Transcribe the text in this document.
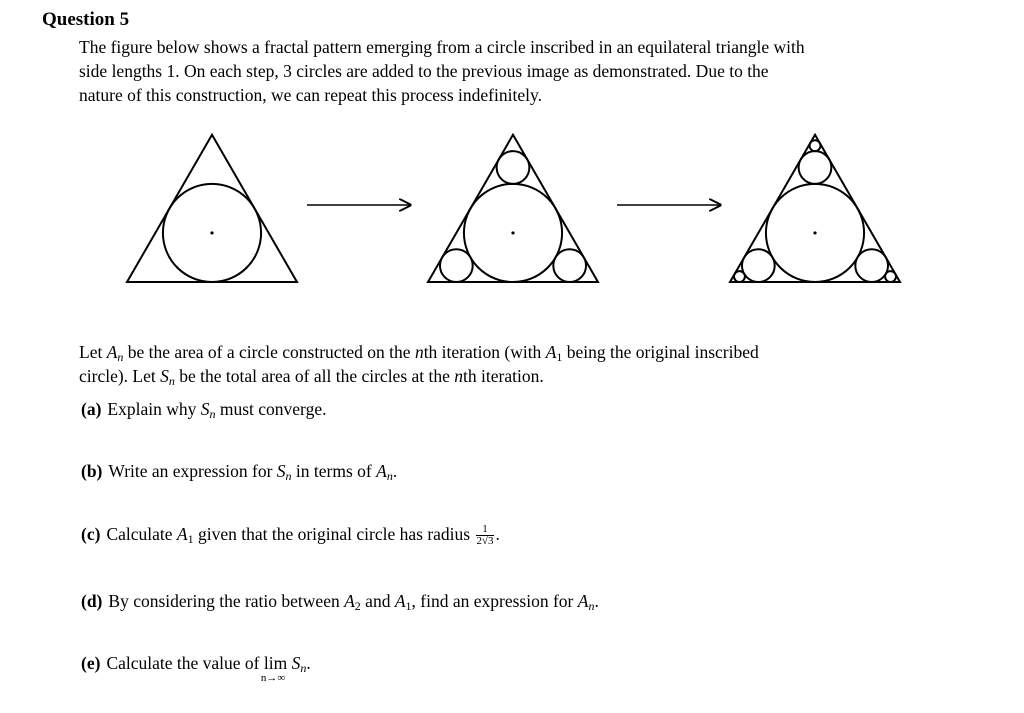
Question 5
The figure below shows a fractal pattern emerging from a circle inscribed in an equilateral triangle with
side lengths 1. On each step, 3 circles are added to the previous image as demonstrated. Due to the
nature of this construction, we can repeat this process indefinitely.
Let $A_n$ be the area of a circle constructed on the nth iteration (with $A_1$ being the original inscribed
circle). Let $S_n$ be the total area of all the circles at the nth iteration.
(a) Explain why $S_n$ must converge.
(b) Write an expression for $S_n$ in terms of $A_n$.
(c) Calculate $A_1$ given that the original circle has radius $\frac{1}{2√3}$ .
(d) By considering the ratio between $A_2$ and $A_1$, find an expression for $A_n$.
(e) Calculate the value of lim
n→∞
$S_n$.
